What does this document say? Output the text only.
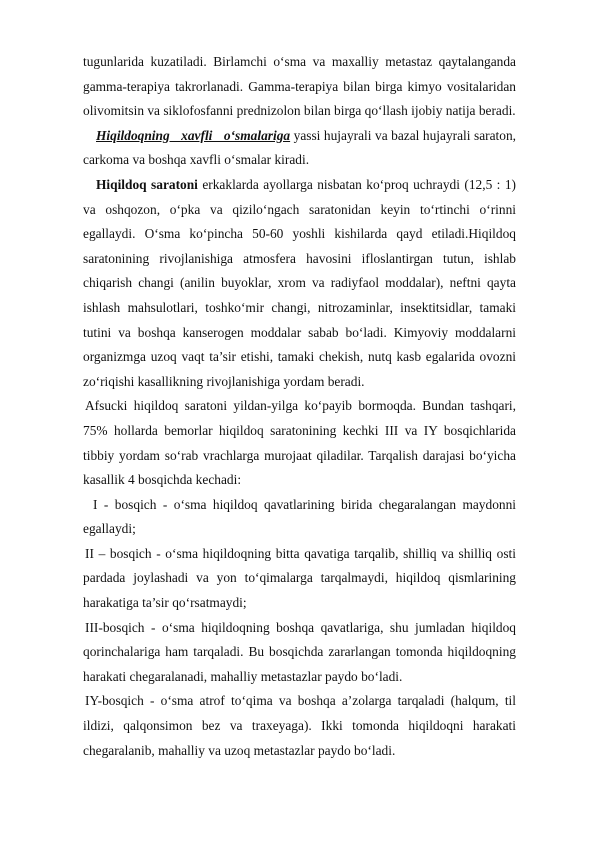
tugunlarida kuzatiladi. Birlamchi o‘sma va maxalliy metastaz qaytalanganda gamma-terapiya takrorlanadi. Gamma-terapiya bilan birga kimyo vositalaridan olivomitsin va siklofosfanni prednizolon bilan birga qo‘llash ijobiy natija beradi.

Hiqildoqning xavfli o‘smalariga yassi hujayrali va bazal hujayrali saraton, carkoma va boshqa xavfli o‘smalar kiradi.

Hiqildoq saratoni erkaklarda ayollarga nisbatan ko‘proq uchraydi (12,5 : 1) va oshqozon, o‘pka va qizilo‘ngach saratonidan keyin to‘rtinchi o‘rinni egallaydi. O‘sma ko‘pincha 50-60 yoshli kishilarda qayd etiladi.Hiqildoq saratonining rivojlanishiga atmosfera havosini ifloslantirgan tutun, ishlab chiqarish changi (anilin buyoklar, xrom va radiyfaol moddalar), neftni qayta ishlash mahsulotlari, toshko‘mir changi, nitrozaminlar, insektitsidlar, tamaki tutini va boshqa kanserogen moddalar sabab bo‘ladi. Kimyoviy moddalarni organizmga uzoq vaqt ta’sir etishi, tamaki chekish, nutq kasb egalarida ovozni zo‘riqishi kasallikning rivojlanishiga yordam beradi.

Afsucki hiqildoq saratoni yildan-yilga ko‘payib bormoqda. Bundan tashqari, 75% hollarda bemorlar hiqildoq saratonining kechki III va IY bosqichlarida tibbiy yordam so‘rab vrachlarga murojaat qiladilar. Tarqalish darajasi bo‘yicha kasallik 4 bosqichda kechadi:

I - bosqich - o‘sma hiqildoq qavatlarining birida chegaralangan maydonni egallaydi;

II – bosqich - o‘sma hiqildoqning bitta qavatiga tarqalib, shilliq va shilliq osti pardada joylashadi va yon to‘qimalarga tarqalmaydi, hiqildoq qismlarining harakatiga ta’sir qo‘rsatmaydi;

III-bosqich - o‘sma hiqildoqning boshqa qavatlariga, shu jumladan hiqildoq qorinchalariga ham tarqaladi. Bu bosqichda zararlangan tomonda hiqildoqning harakati chegaralanadi, mahalliy metastazlar paydo bo‘ladi.

IY-bosqich - o‘sma atrof to‘qima va boshqa a’zolarga tarqaladi (halqum, til ildizi, qalqonsimon bez va traxeyaga). Ikki tomonda hiqildoqni harakati chegaralanib, mahalliy va uzoq metastazlar paydo bo‘ladi.
